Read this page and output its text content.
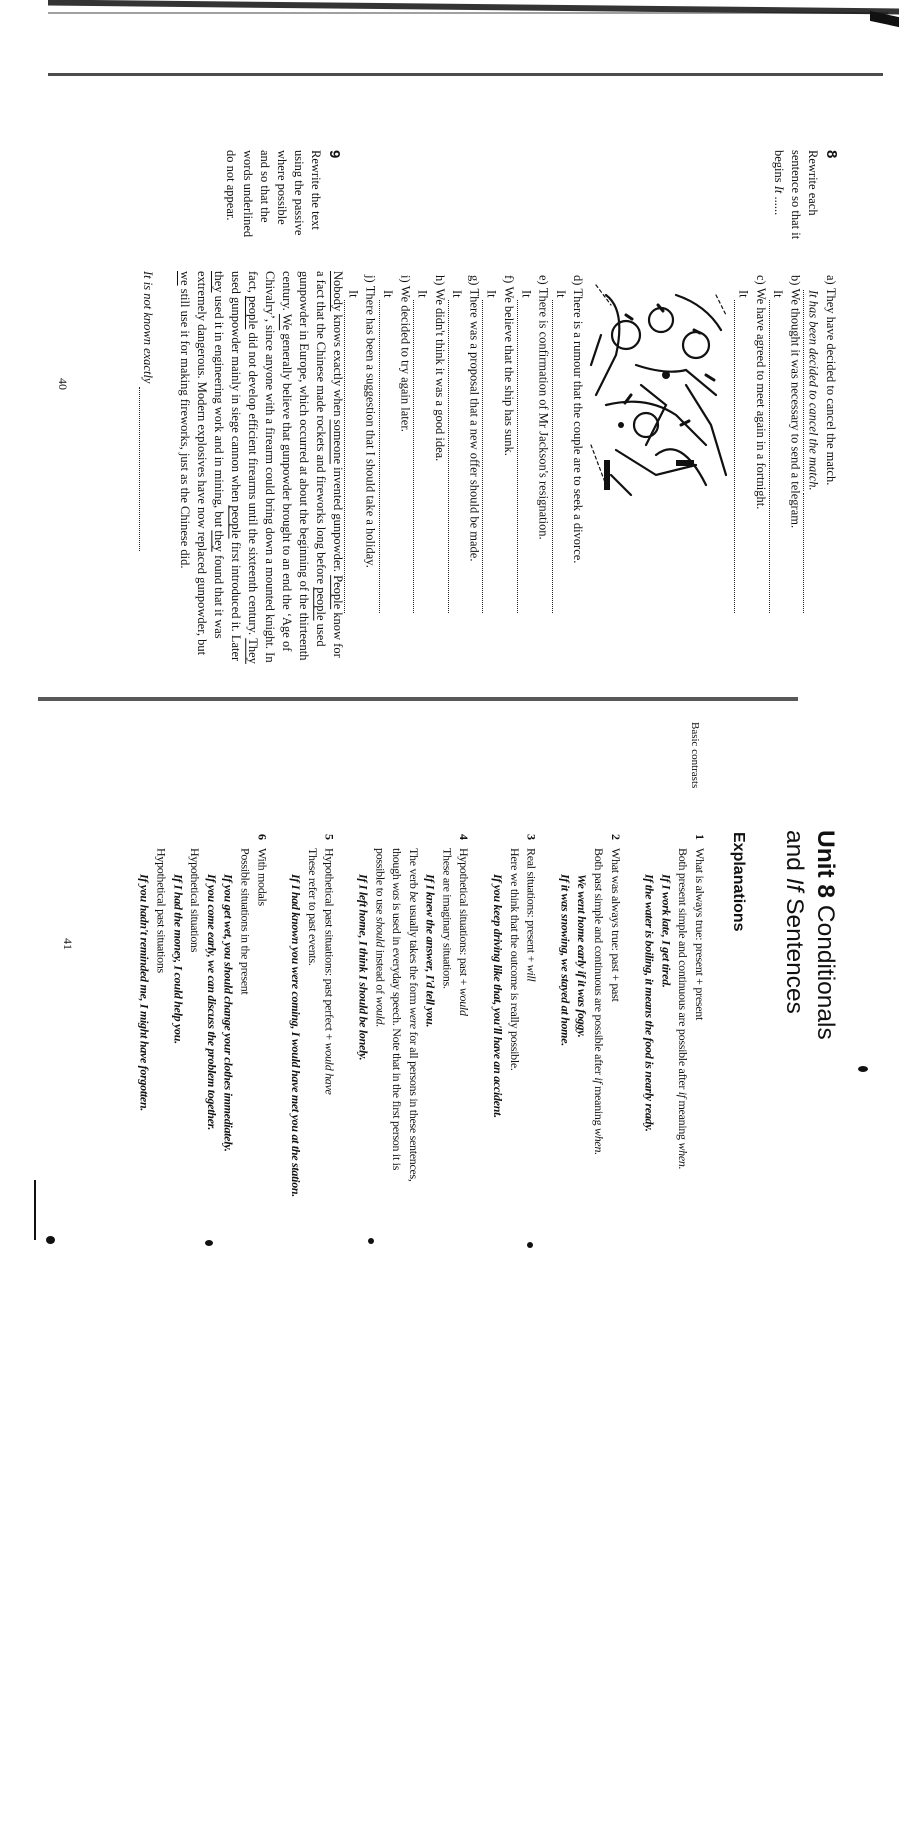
8
Rewrite each
sentence so that it
begins It ......
a) They have decided to cancel the match.
It has been decided to cancel the match.
b) We thought it was necessary to send a telegram.
It
c) We have agreed to meet again in a fortnight.
It
d) There is a rumour that the couple are to seek a divorce.
It
e) There is confirmation of Mr Jackson's resignation.
It
f) We believe that the ship has sunk.
It
g) There was a proposal that a new offer should be made.
It
h) We didn't think it was a good idea.
It
i) We decided to try again later.
It
j) There has been a suggestion that I should take a holiday.
It
9
Rewrite the text
using the passive
where possible
and so that the
words underlined
do not appear.
Nobody knows exactly when someone invented gunpowder. People know for
a fact that the Chinese made rockets and fireworks long before people used
gunpowder in Europe, which occurred at about the beginning of the thirteenth
century. We generally believe that gunpowder brought to an end the ‘Age of
Chivalry’, since anyone with a firearm could bring down a mounted knight. In
fact, people did not develop efficient firearms until the sixteenth century. They
used gunpowder mainly in siege cannon when people first introduced it. Later
they used it in engineering work and in mining, but they found that it was
extremely dangerous. Modern explosives have now replaced gunpowder, but
we still use it for making fireworks, just as the Chinese did.
It is not known exactly
40
Unit 8 Conditionals
and If Sentences
Explanations
Basic contrasts
1What is always true: present + present
Both present simple and continuous are possible after if meaning when.
If I work late, I get tired.
If the water is boiling, it means the food is nearly ready.
2What was always true: past + past
Both past simple and continuous are possible after if meaning when.
We went home early if it was foggy.
If it was snowing, we stayed at home.
3Real situations: present + will
Here we think that the outcome is really possible.
If you keep driving like that, you'll have an accident.
4Hypothetical situations: past + would
These are imaginary situations.
If I knew the answer, I'd tell you.
The verb be usually takes the form were for all persons in these sentences,
though was is used in everyday speech. Note that in the first person it is
possible to use should instead of would.
If I left home, I think I should be lonely.
5Hypothetical past situations: past perfect + would have
These refer to past events.
If I had known you were coming, I would have met you at the station.
6With modals
Possible situations in the present
If you get wet, you should change your clothes immediately.
If you come early, we can discuss the problem together.
Hypothetical situations
If I had the money, I could help you.
Hypothetical past situations
If you hadn't reminded me, I might have forgotten.
41
